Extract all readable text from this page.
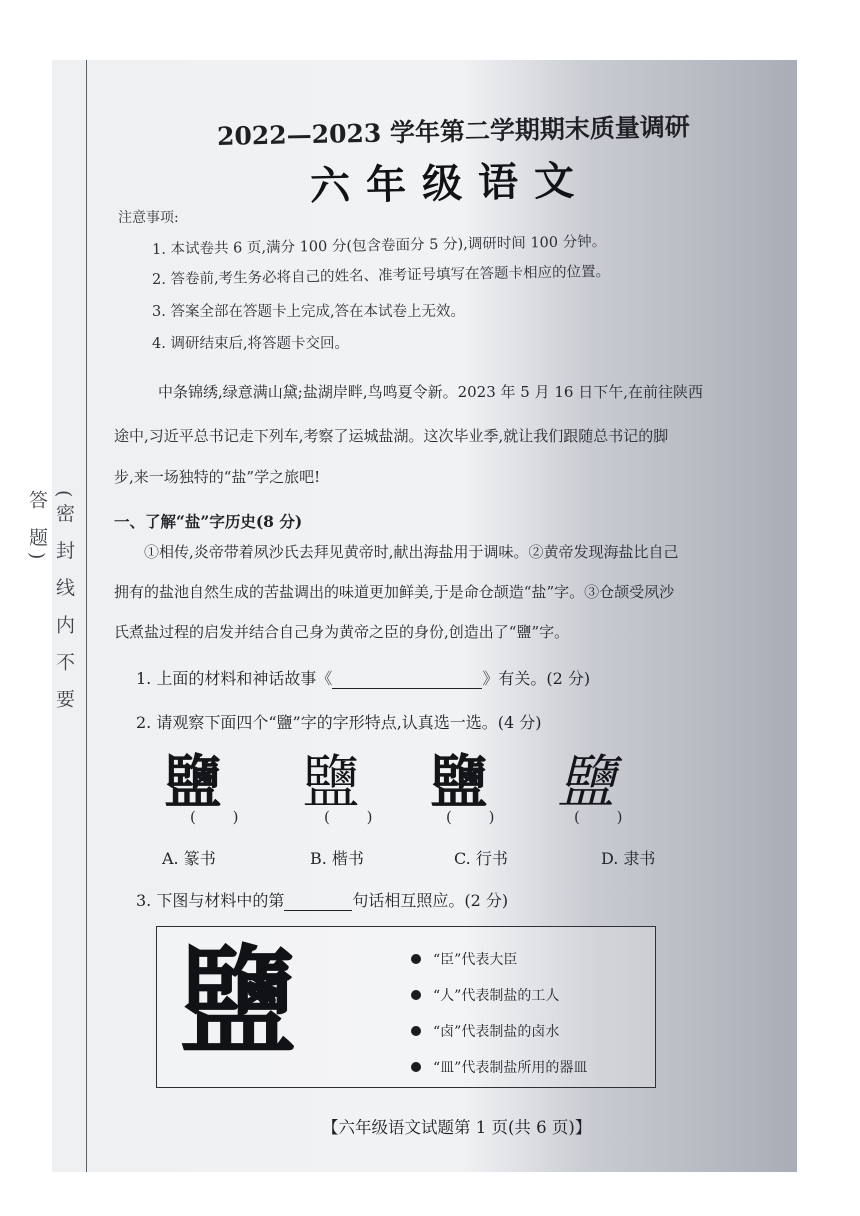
(密 封 线 内 不 要 答 题)
2022—2023 学年第二学期期末质量调研
六年级语文
注意事项:
1. 本试卷共 6 页,满分 100 分(包含卷面分 5 分),调研时间 100 分钟。
2. 答卷前,考生务必将自己的姓名、准考证号填写在答题卡相应的位置。
3. 答案全部在答题卡上完成,答在本试卷上无效。
4. 调研结束后,将答题卡交回。
中条锦绣,绿意满山黛;盐湖岸畔,鸟鸣夏令新。2023 年 5 月 16 日下午,在前往陕西
途中,习近平总书记走下列车,考察了运城盐湖。这次毕业季,就让我们跟随总书记的脚
步,来一场独特的“盐”学之旅吧!
一、了解“盐”字历史(8 分)
①相传,炎帝带着夙沙氏去拜见黄帝时,献出海盐用于调味。②黄帝发现海盐比自己
拥有的盐池自然生成的苦盐调出的味道更加鲜美,于是命仓颉造“盐”字。③仓颉受夙沙
氏煮盐过程的启发并结合自己身为黄帝之臣的身份,创造出了“鹽”字。
1. 上面的材料和神话故事《	》有关。(2 分)
2. 请观察下面四个“鹽”字的字形特点,认真选一选。(4 分)
鹽 鹽 鹽 鹽
( )	( )	( )	( )
A. 篆书	B. 楷书	C. 行书	D. 隶书
3. 下图与材料中的第	句话相互照应。(2 分)
鹽	“臣”代表大臣
“人”代表制盐的工人
“卤”代表制盐的卤水
“皿”代表制盐所用的器皿
【六年级语文试题第 1 页(共 6 页)】
